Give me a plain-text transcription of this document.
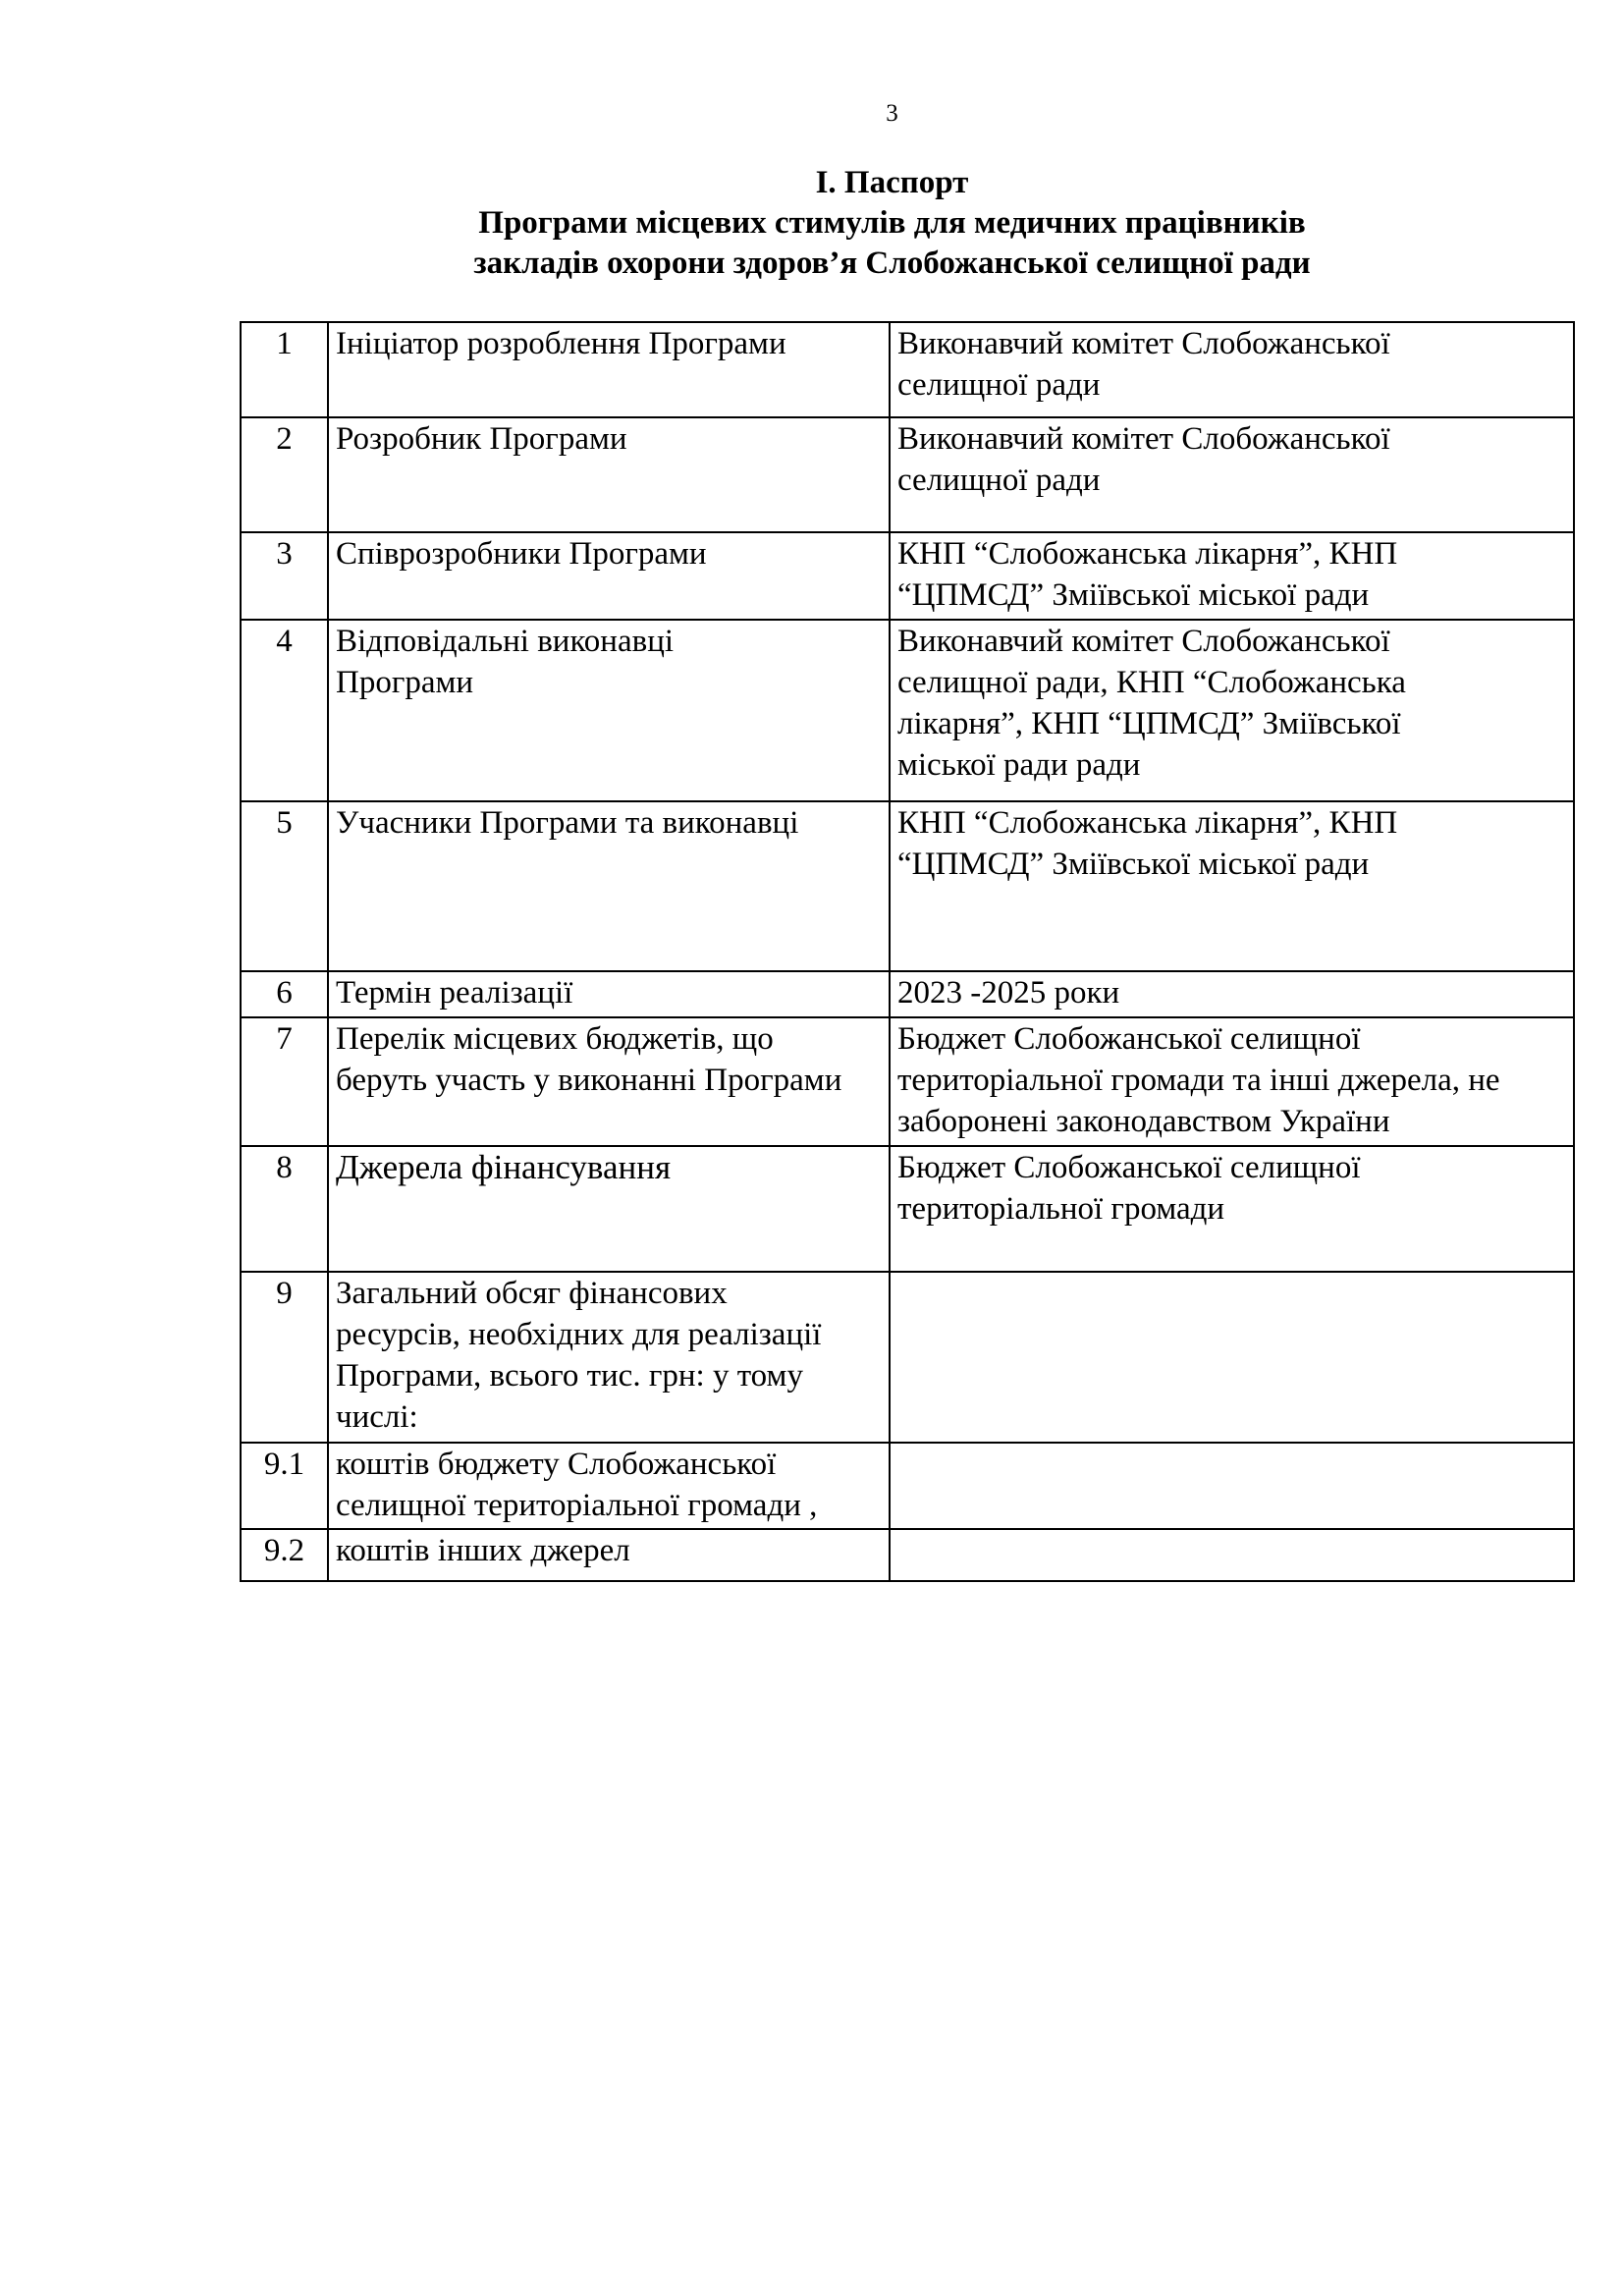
3
І. Паспорт
Програми місцевих стимулів для медичних працівників
закладів охорони здоров’я Слобожанської селищної ради
1	Ініціатор розроблення Програми	Виконавчий комітет Слобожанської
селищної ради
2	Розробник Програми	Виконавчий комітет Слобожанської
селищної ради
3	Співрозробники Програми	КНП “Слобожанська лікарня”, КНП
“ЦПМСД” Зміївської міської ради
4	Відповідальні виконавці
Програми	Виконавчий комітет Слобожанської
селищної ради, КНП “Слобожанська
лікарня”, КНП “ЦПМСД” Зміївської
міської ради ради
5	Учасники Програми та виконавці	КНП “Слобожанська лікарня”, КНП
“ЦПМСД” Зміївської міської ради
6	Термін реалізації	2023 -2025 роки
7	Перелік місцевих бюджетів, що
беруть участь у виконанні Програми	Бюджет Слобожанської селищної
територіальної громади та інші джерела, не
заборонені законодавством України
8	Джерела фінансування	Бюджет Слобожанської селищної
територіальної громади
9	Загальний обсяг фінансових
ресурсів, необхідних для реалізації
Програми, всього тис. грн: у тому
числі:	
9.1	коштів бюджету Слобожанської
селищної територіальної громади ,	
9.2	коштів інших джерел	
